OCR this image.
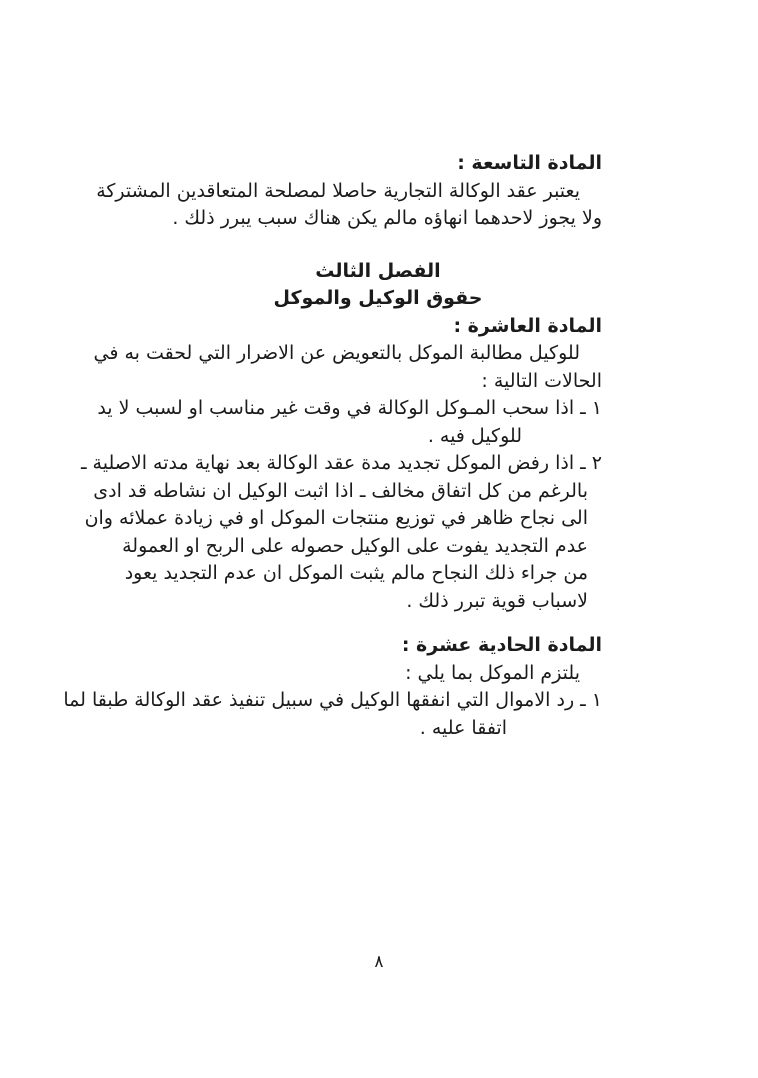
المادة التاسعة :
يعتبر عقد الوكالة التجارية حاصلا لمصلحة المتعاقدين المشتركة
ولا يجوز لاحدهما انهاؤه مالم يكن هناك سبب يبرر ذلك .
الفصل الثالث
حقوق الوكيل والموكل
المادة العاشرة :
للوكيل مطالبة الموكل بالتعويض عن الاضرار التي لحقت به في
الحالات التالية :
١ ـ اذا سحب المـوكل الوكالة في وقت غير مناسب او لسبب لا يد
للوكيل فيه .
٢ ـ اذا رفض الموكل تجديد مدة عقد الوكالة بعد نهاية مدته الاصلية ـ
بالرغم من كل اتفاق مخالف ـ اذا اثبت الوكيل ان نشاطه قد ادى
الى نجاح ظاهر في توزيع منتجات الموكل او في زيادة عملائه وان
عدم التجديد يفوت على الوكيل حصوله على الربح او العمولة
من جراء ذلك النجاح مالم يثبت الموكل ان عدم التجديد يعود
لاسباب قوية تبرر ذلك .
المادة الحادية عشرة :
يلتزم الموكل بما يلي :
١ ـ رد الاموال التي انفقها الوكيل في سبيل تنفيذ عقد الوكالة طبقا لما
اتفقا عليه .
٨
